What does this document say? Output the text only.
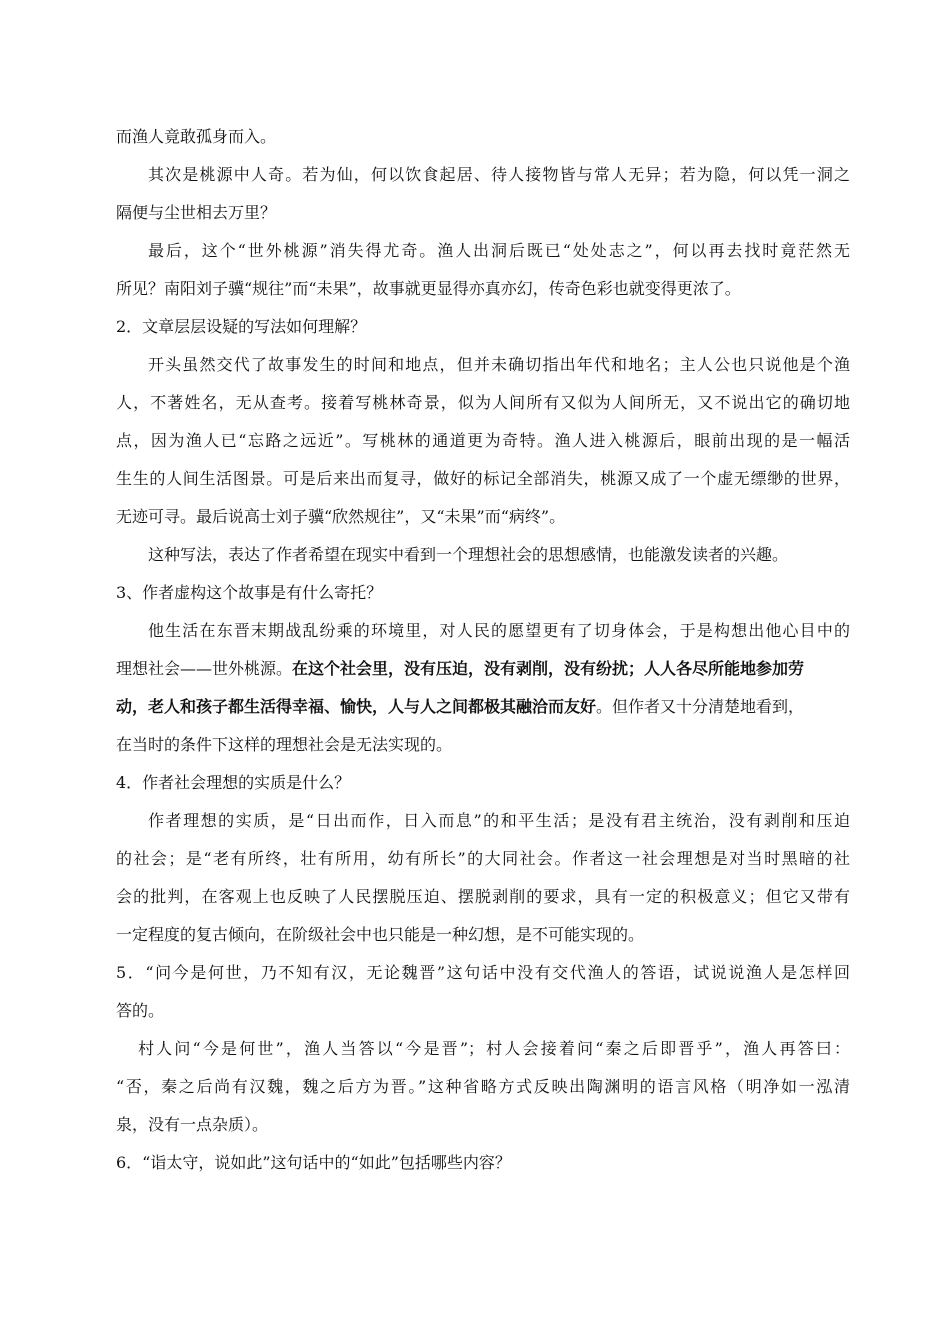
而渔人竟敢孤身而入。
其次是桃源中人奇。若为仙，何以饮食起居、待人接物皆与常人无异；若为隐，何以凭一洞之
隔便与尘世相去万里？
最后，这个“世外桃源”消失得尤奇。渔人出洞后既已“处处志之”，何以再去找时竟茫然无
所见？南阳刘子骥“规往”而“未果”，故事就更显得亦真亦幻，传奇色彩也就变得更浓了。
2．文章层层设疑的写法如何理解？
开头虽然交代了故事发生的时间和地点，但并未确切指出年代和地名；主人公也只说他是个渔
人，不著姓名，无从查考。接着写桃林奇景，似为人间所有又似为人间所无，又不说出它的确切地
点，因为渔人已“忘路之远近”。写桃林的通道更为奇特。渔人进入桃源后，眼前出现的是一幅活
生生的人间生活图景。可是后来出而复寻，做好的标记全部消失，桃源又成了一个虚无缥缈的世界，
无迹可寻。最后说高士刘子骥“欣然规往”，又“未果”而“病终”。
这种写法，表达了作者希望在现实中看到一个理想社会的思想感情，也能激发读者的兴趣。
3、作者虚构这个故事是有什么寄托？
他生活在东晋末期战乱纷乘的环境里，对人民的愿望更有了切身体会，于是构想出他心目中的
理想社会——世外桃源。在这个社会里，没有压迫，没有剥削，没有纷扰；人人各尽所能地参加劳
动，老人和孩子都生活得幸福、愉快，人与人之间都极其融洽而友好。但作者又十分清楚地看到，
在当时的条件下这样的理想社会是无法实现的。
4．作者社会理想的实质是什么？
作者理想的实质，是“日出而作，日入而息”的和平生活；是没有君主统治，没有剥削和压迫
的社会；是“老有所终，壮有所用，幼有所长”的大同社会。作者这一社会理想是对当时黑暗的社
会的批判，在客观上也反映了人民摆脱压迫、摆脱剥削的要求，具有一定的积极意义；但它又带有
一定程度的复古倾向，在阶级社会中也只能是一种幻想，是不可能实现的。
5．“问今是何世，乃不知有汉，无论魏晋”这句话中没有交代渔人的答语，试说说渔人是怎样回
答的。
村人问“今是何世”，渔人当答以“今是晋”；村人会接着问“秦之后即晋乎”，渔人再答曰：
“否，秦之后尚有汉魏，魏之后方为晋。”这种省略方式反映出陶渊明的语言风格（明净如一泓清
泉，没有一点杂质）。
6．“诣太守，说如此”这句话中的“如此”包括哪些内容？
